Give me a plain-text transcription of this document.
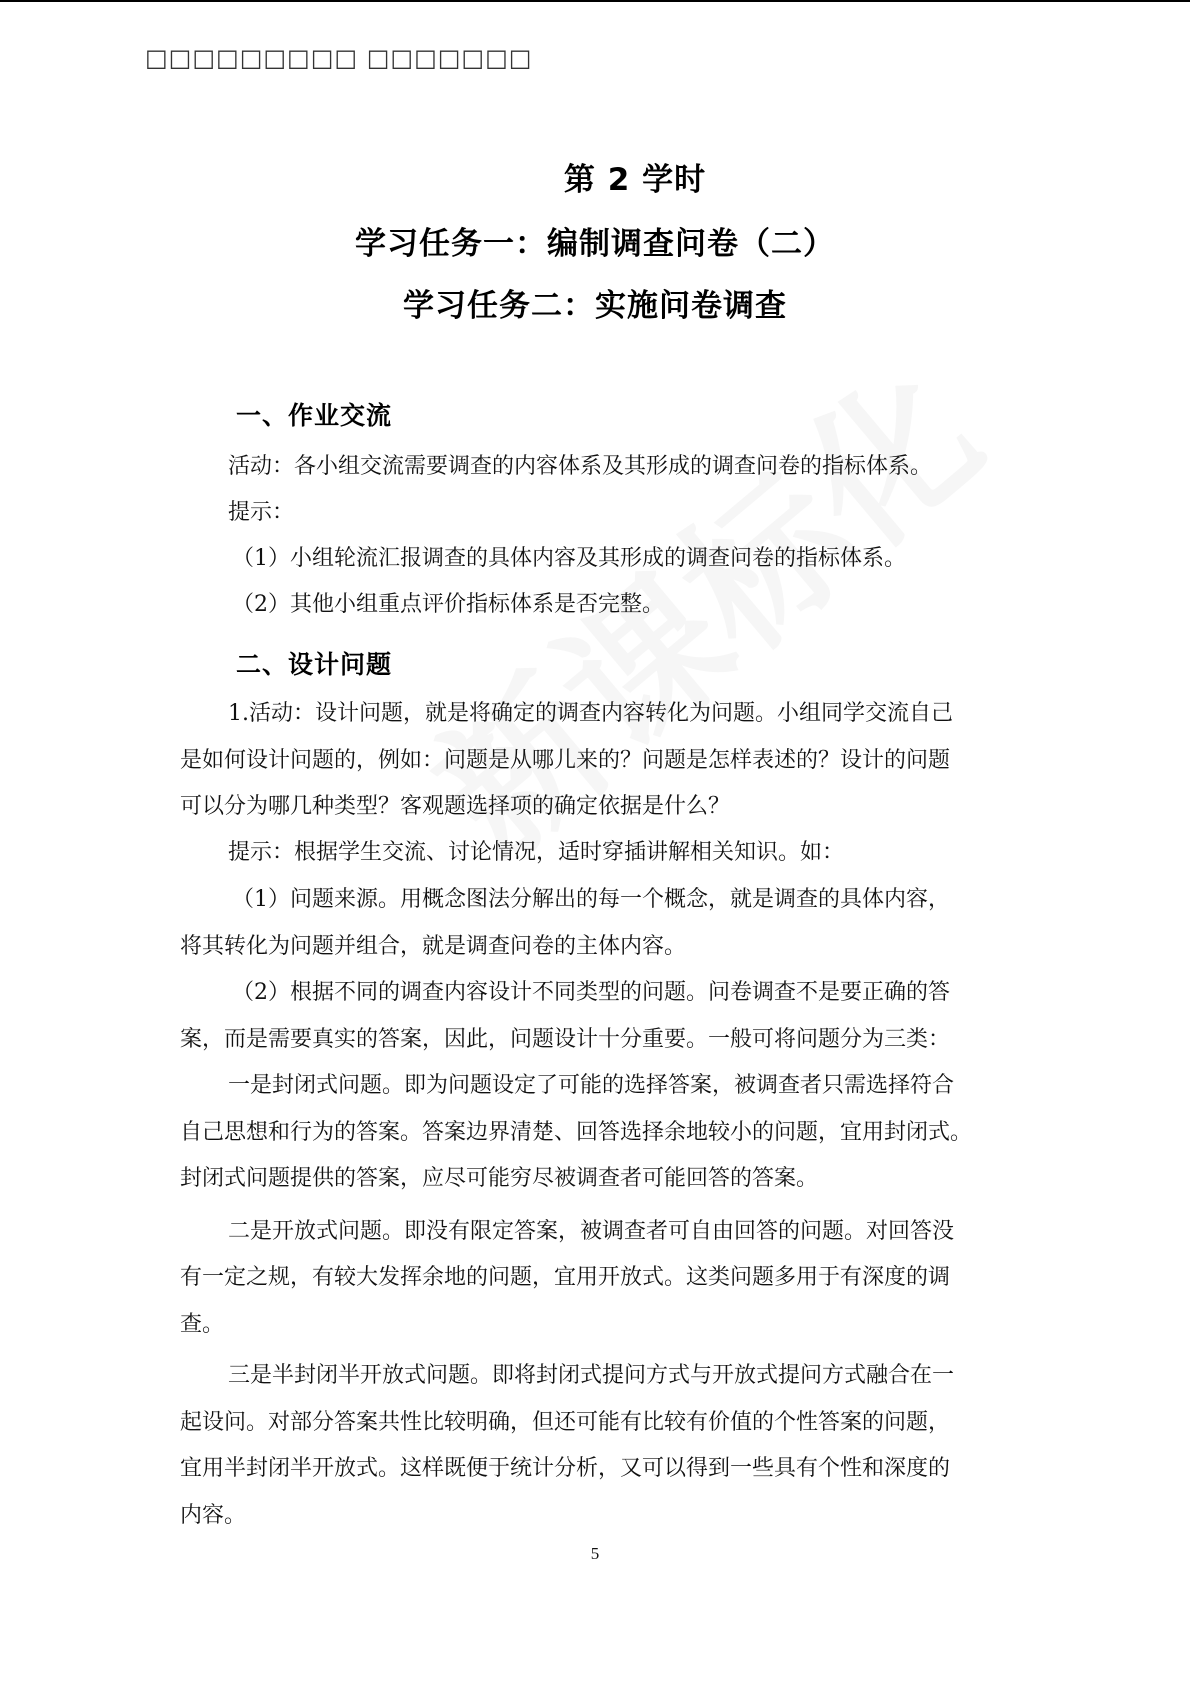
□□□□□□□□□ □□□□□□□
第 2 学时
学习任务一：编制调查问卷（二）
学习任务二：实施问卷调查
一、作业交流
活动：各小组交流需要调查的内容体系及其形成的调查问卷的指标体系。
提示：
（1）小组轮流汇报调查的具体内容及其形成的调查问卷的指标体系。
（2）其他小组重点评价指标体系是否完整。
二、设计问题
1.活动：设计问题，就是将确定的调查内容转化为问题。小组同学交流自己
是如何设计问题的，例如：问题是从哪儿来的？问题是怎样表述的？设计的问题
可以分为哪几种类型？客观题选择项的确定依据是什么？
提示：根据学生交流、讨论情况，适时穿插讲解相关知识。如：
（1）问题来源。用概念图法分解出的每一个概念，就是调查的具体内容，
将其转化为问题并组合，就是调查问卷的主体内容。
（2）根据不同的调查内容设计不同类型的问题。问卷调查不是要正确的答
案，而是需要真实的答案，因此，问题设计十分重要。一般可将问题分为三类：
一是封闭式问题。即为问题设定了可能的选择答案，被调查者只需选择符合
自己思想和行为的答案。答案边界清楚、回答选择余地较小的问题，宜用封闭式。
封闭式问题提供的答案，应尽可能穷尽被调查者可能回答的答案。
二是开放式问题。即没有限定答案，被调查者可自由回答的问题。对回答没
有一定之规，有较大发挥余地的问题，宜用开放式。这类问题多用于有深度的调
查。
三是半封闭半开放式问题。即将封闭式提问方式与开放式提问方式融合在一
起设问。对部分答案共性比较明确，但还可能有比较有价值的个性答案的问题，
宜用半封闭半开放式。这样既便于统计分析，又可以得到一些具有个性和深度的
内容。
5
